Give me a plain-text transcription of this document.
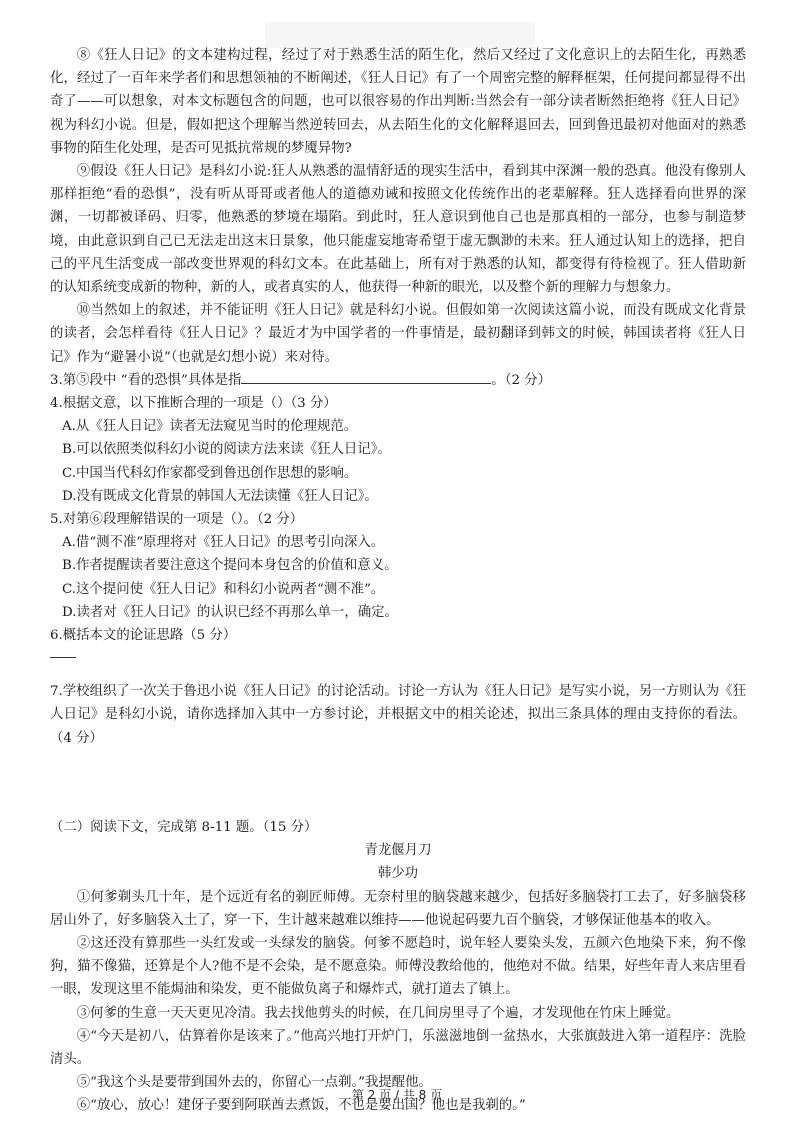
⑧《狂人日记》的文本建构过程，经过了对于熟悉生活的陌生化，然后又经过了文化意识上的去陌生化，再熟悉化，经过了一百年来学者们和思想领袖的不断阐述，《狂人日记》有了一个周密完整的解释框架，任何提问都显得不出奇了——可以想象，对本文标题包含的问题，也可以很容易的作出判断:当然会有一部分读者断然拒绝将《狂人日记》视为科幻小说。但是，假如把这个理解当然逆转回去，从去陌生化的文化解释退回去，回到鲁迅最初对他面对的熟悉事物的陌生化处理，是否可见抵抗常规的梦魇异物?

⑨假设《狂人日记》是科幻小说:狂人从熟悉的温情舒适的现实生活中，看到其中深渊一般的恐真。他没有像别人那样拒绝“看的恐惧”，没有听从哥哥或者他人的道德劝诫和按照文化传统作出的老辈解释。狂人选择看向世界的深渊，一切都被译码、归零，他熟悉的梦境在塌陷。到此时，狂人意识到他自己也是那真相的一部分，也参与制造梦境，由此意识到自己已无法走出这末日景象，他只能虚妄地寄希望于虚无飘渺的未来。狂人通过认知上的选择，把自己的平凡生活变成一部改变世界观的科幻文本。在此基础上，所有对于熟悉的认知，都变得有待检视了。狂人借助新的认知系统变成新的物种，新的人，或者真实的人，他获得一种新的眼光，以及整个新的理解力与想象力。

⑩当然如上的叙述，并不能证明《狂人日记》就是科幻小说。但假如第一次阅读这篇小说，而没有既成文化背景的读者，会怎样看待《狂人日记》？最近才为中国学者的一件事情是，最初翻译到韩文的时候，韩国读者将《狂人日记》作为“避暑小说”（也就是幻想小说）来对待。

3.第⑤段中 “看的恐惧”具体是指	。（2 分）

4.根据文意，以下推断合理的一项是（）（3 分）

A.从《狂人日记》读者无法窥见当时的伦理规范。

B.可以依照类似科幻小说的阅读方法来读《狂人日记》。

C.中国当代科幻作家都受到鲁迅创作思想的影响。

D.没有既成文化背景的韩国人无法读懂《狂人日记》。

5.对第⑥段理解错误的一项是（）。（2 分）

A.借“测不准”原理将对《狂人日记》的思考引向深入。

B.作者提醒读者要注意这个提问本身包含的价值和意义。

C.这个提问使《狂人日记》和科幻小说两者“测不准”。

D.读者对《狂人日记》的认识已经不再那么单一，确定。

6.概括本文的论证思路（5 分）

7.学校组织了一次关于鲁迅小说《狂人日记》的讨论活动。讨论一方认为《狂人日记》是写实小说，另一方则认为《狂人日记》是科幻小说，请你选择加入其中一方参讨论，并根据文中的相关论述，拟出三条具体的理由支持你的看法。（4 分）

（二）阅读下文，完成第 8-11 题。（15 分）

青龙偃月刀

韩少功

①何爹剃头几十年，是个远近有名的剃匠师傅。无奈村里的脑袋越来越少，包括好多脑袋打工去了，好多脑袋移居山外了，好多脑袋入土了，穿一下，生计越来越难以维持——他说起码要九百个脑袋，才够保证他基本的收入。

②这还没有算那些一头红发或一头绿发的脑袋。何爹不愿趋时，说年轻人要染头发，五颜六色地染下来，狗不像狗，猫不像猫，还算是个人?他不是不会染，是不愿意染。师傅没教给他的，他绝对不做。结果，好些年青人来店里看一眼，发现这里不能焗油和染发，更不能做负离子和爆炸式，就打道去了镇上。

③何爹的生意一天天更见冷清。我去找他剪头的时候，在几间房里寻了个遍，才发现他在竹床上睡觉。

④“今天是初八，估算着你是该来了。”他高兴地打开炉门，乐滋滋地倒一盆热水，大张旗鼓进入第一道程序：洗脸清头。

⑤“我这个头是要带到国外去的，你留心一点剃。”我提醒他。

⑥“放心，放心！建伢子要到阿联酋去煮饭，不也是要出国？他也是我剃的。”

第 2 页 / 共 8 页
